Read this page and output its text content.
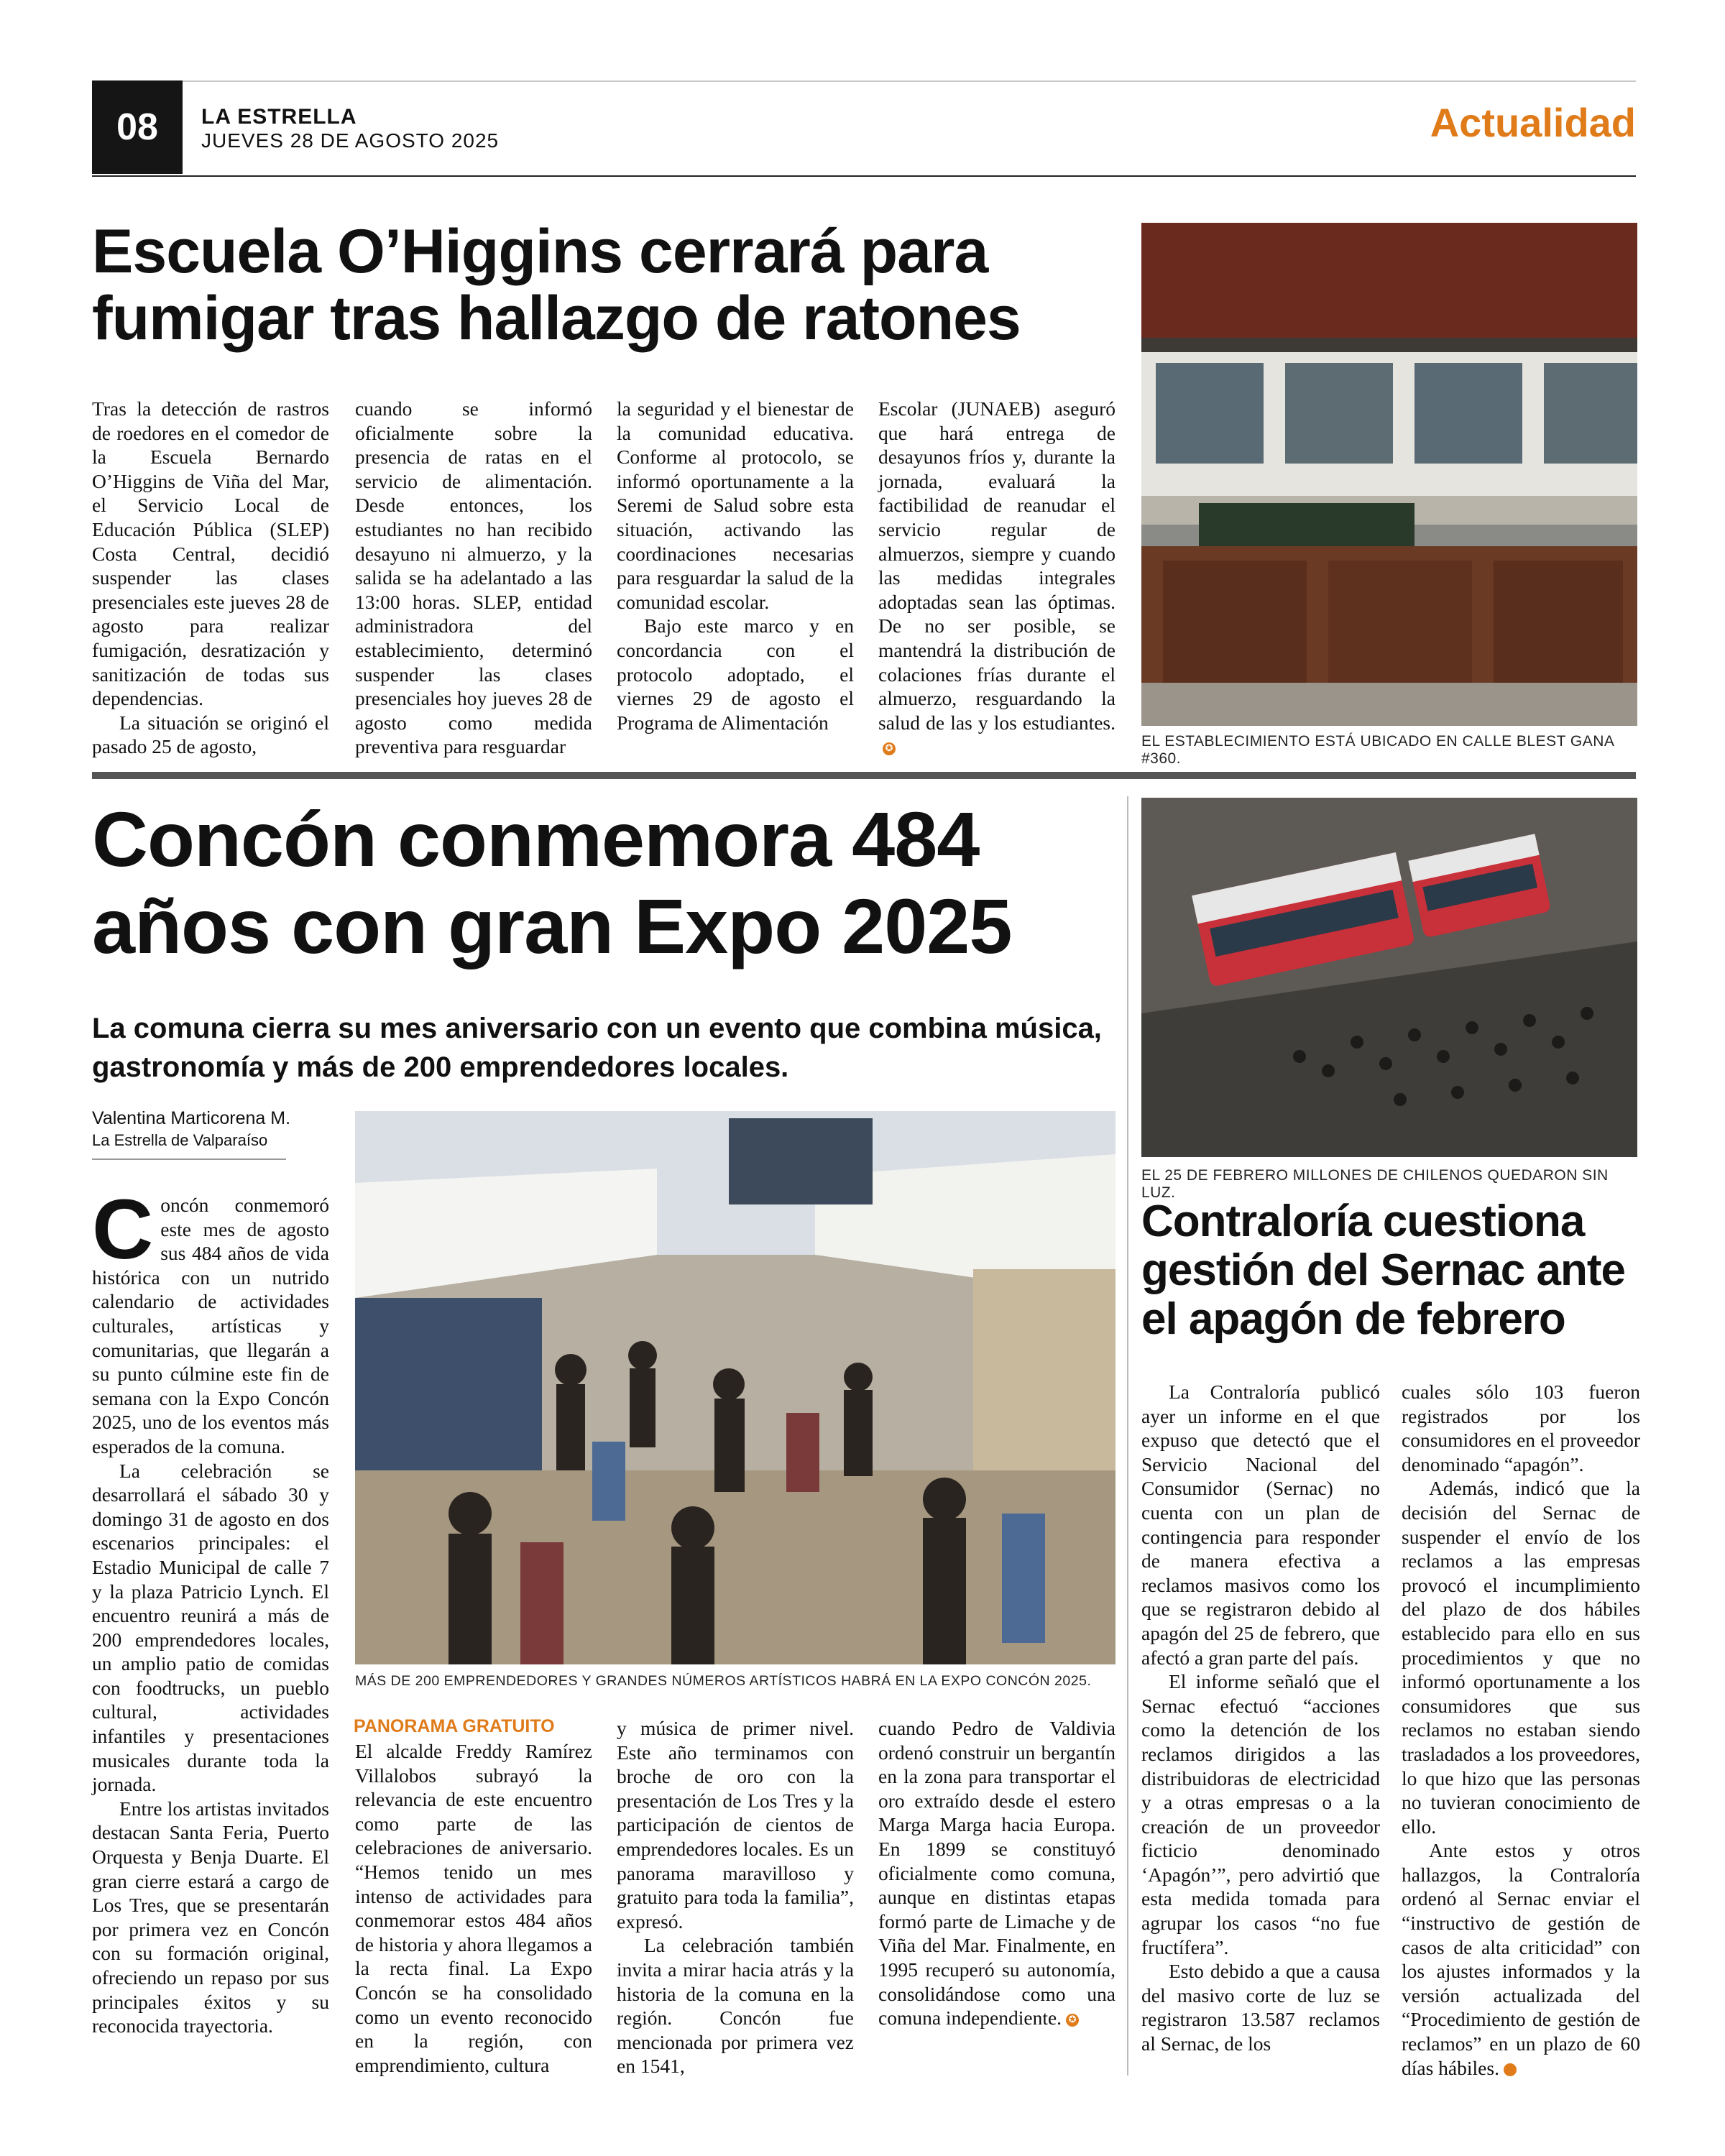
08	LA ESTRELLA
JUEVES 28 DE AGOSTO 2025	Actualidad
Escuela O’Higgins cerrará para
fumigar tras hallazgo de ratones

Tras la detección de rastros de roedores en el comedor de la Escuela Bernardo O’Higgins de Viña del Mar, el Servicio Local de Educación Pública (SLEP) Costa Central, decidió suspender las clases presenciales este jueves 28 de agosto para realizar fumigación, desratización y sanitización de todas sus dependencias.

La situación se originó el pasado 25 de agosto,

cuando se informó oficialmente sobre la presencia de ratas en el servicio de alimentación. Desde entonces, los estudiantes no han recibido desayuno ni almuerzo, y la salida se ha adelantado a las 13:00 horas. SLEP, entidad administradora del establecimiento, determinó suspender las clases presenciales hoy jueves 28 de agosto como medida preventiva para resguardar

la seguridad y el bienestar de la comunidad educativa. Conforme al protocolo, se informó oportunamente a la Seremi de Salud sobre esta situación, activando las coordinaciones necesarias para resguardar la salud de la comunidad escolar.

Bajo este marco y en concordancia con el protocolo adoptado, el viernes 29 de agosto el Programa de Alimentación

Escolar (JUNAEB) aseguró que hará entrega de desayunos fríos y, durante la jornada, evaluará la factibilidad de reanudar el servicio regular de almuerzos, siempre y cuando las medidas integrales adoptadas sean las óptimas. De no ser posible, se mantendrá la distribución de colaciones frías durante el almuerzo, resguardando la salud de las y los estudiantes.✪	EL ESTABLECIMIENTO ESTÁ UBICADO EN CALLE BLEST GANA #360.
Concón conmemora 484
años con gran Expo 2025
La comuna cierra su mes aniversario con un evento que combina música,
gastronomía y más de 200 emprendedores locales.
Valentina Marticorena M.
La Estrella de Valparaíso

Concón conmemoró este mes de agosto sus 484 años de vida histórica con un nutrido calendario de actividades culturales, artísticas y comunitarias, que llegarán a su punto cúlmine este fin de semana con la Expo Concón 2025, uno de los eventos más esperados de la comuna.

La celebración se desarrollará el sábado 30 y domingo 31 de agosto en dos escenarios principales: el Estadio Municipal de calle 7 y la plaza Patricio Lynch. El encuentro reunirá a más de 200 emprendedores locales, un amplio patio de comidas con foodtrucks, un pueblo cultural, actividades infantiles y presentaciones musicales durante toda la jornada.

Entre los artistas invitados destacan Santa Feria, Puerto Orquesta y Benja Duarte. El gran cierre estará a cargo de Los Tres, que se presentarán por primera vez en Concón con su formación original, ofreciendo un repaso por sus principales éxitos y su reconocida trayectoria.

MÁS DE 200 EMPRENDEDORES Y GRANDES NÚMEROS ARTÍSTICOS HABRÁ EN LA EXPO CONCÓN 2025.
PANORAMA GRATUITO

El alcalde Freddy Ramírez Villalobos subrayó la relevancia de este encuentro como parte de las celebraciones de aniversario. “Hemos tenido un mes intenso de actividades para conmemorar estos 484 años de historia y ahora llegamos a la recta final. La Expo Concón se ha consolidado como un evento reconocido en la región, con emprendimiento, cultura

y música de primer nivel. Este año terminamos con broche de oro con la presentación de Los Tres y la participación de cientos de emprendedores locales. Es un panorama maravilloso y gratuito para toda la familia”, expresó.

La celebración también invita a mirar hacia atrás y la historia de la comuna en la región. Concón fue mencionada por primera vez en 1541,

cuando Pedro de Valdivia ordenó construir un bergantín en la zona para transportar el oro extraído desde el estero Marga Marga hacia Europa. En 1899 se constituyó oficialmente como comuna, aunque en distintas etapas formó parte de Limache y de Viña del Mar. Finalmente, en 1995 recuperó su autonomía, consolidándose como una comuna independiente. ✪

EL 25 DE FEBRERO MILLONES DE CHILENOS QUEDARON SIN LUZ.
Contraloría cuestiona
gestión del Sernac ante
el apagón de febrero

La Contraloría publicó ayer un informe en el que expuso que detectó que el Servicio Nacional del Consumidor (Sernac) no cuenta con un plan de contingencia para responder de manera efectiva a reclamos masivos como los que se registraron debido al apagón del 25 de febrero, que afectó a gran parte del país.

El informe señaló que el Sernac efectuó “acciones como la detención de los reclamos dirigidos a las distribuidoras de electricidad y a otras empresas o a la creación de un proveedor ficticio denominado ‘Apagón’”, pero advirtió que esta medida tomada para agrupar los casos “no fue fructífera”.

Esto debido a que a causa del masivo corte de luz se registraron 13.587 reclamos al Sernac, de los

cuales sólo 103 fueron registrados por los consumidores en el proveedor denominado “apagón”.

Además, indicó que la decisión del Sernac de suspender el envío de los reclamos a las empresas provocó el incumplimiento del plazo de dos hábiles establecido para ello en sus procedimientos y que no informó oportunamente a los consumidores que sus reclamos no estaban siendo trasladados a los proveedores, lo que hizo que las personas no tuvieran conocimiento de ello.

Ante estos y otros hallazgos, la Contraloría ordenó al Sernac enviar el “instructivo de gestión de casos de alta criticidad” con los ajustes informados y la versión actualizada del “Procedimiento de gestión de reclamos” en un plazo de 60 días hábiles.	✪
